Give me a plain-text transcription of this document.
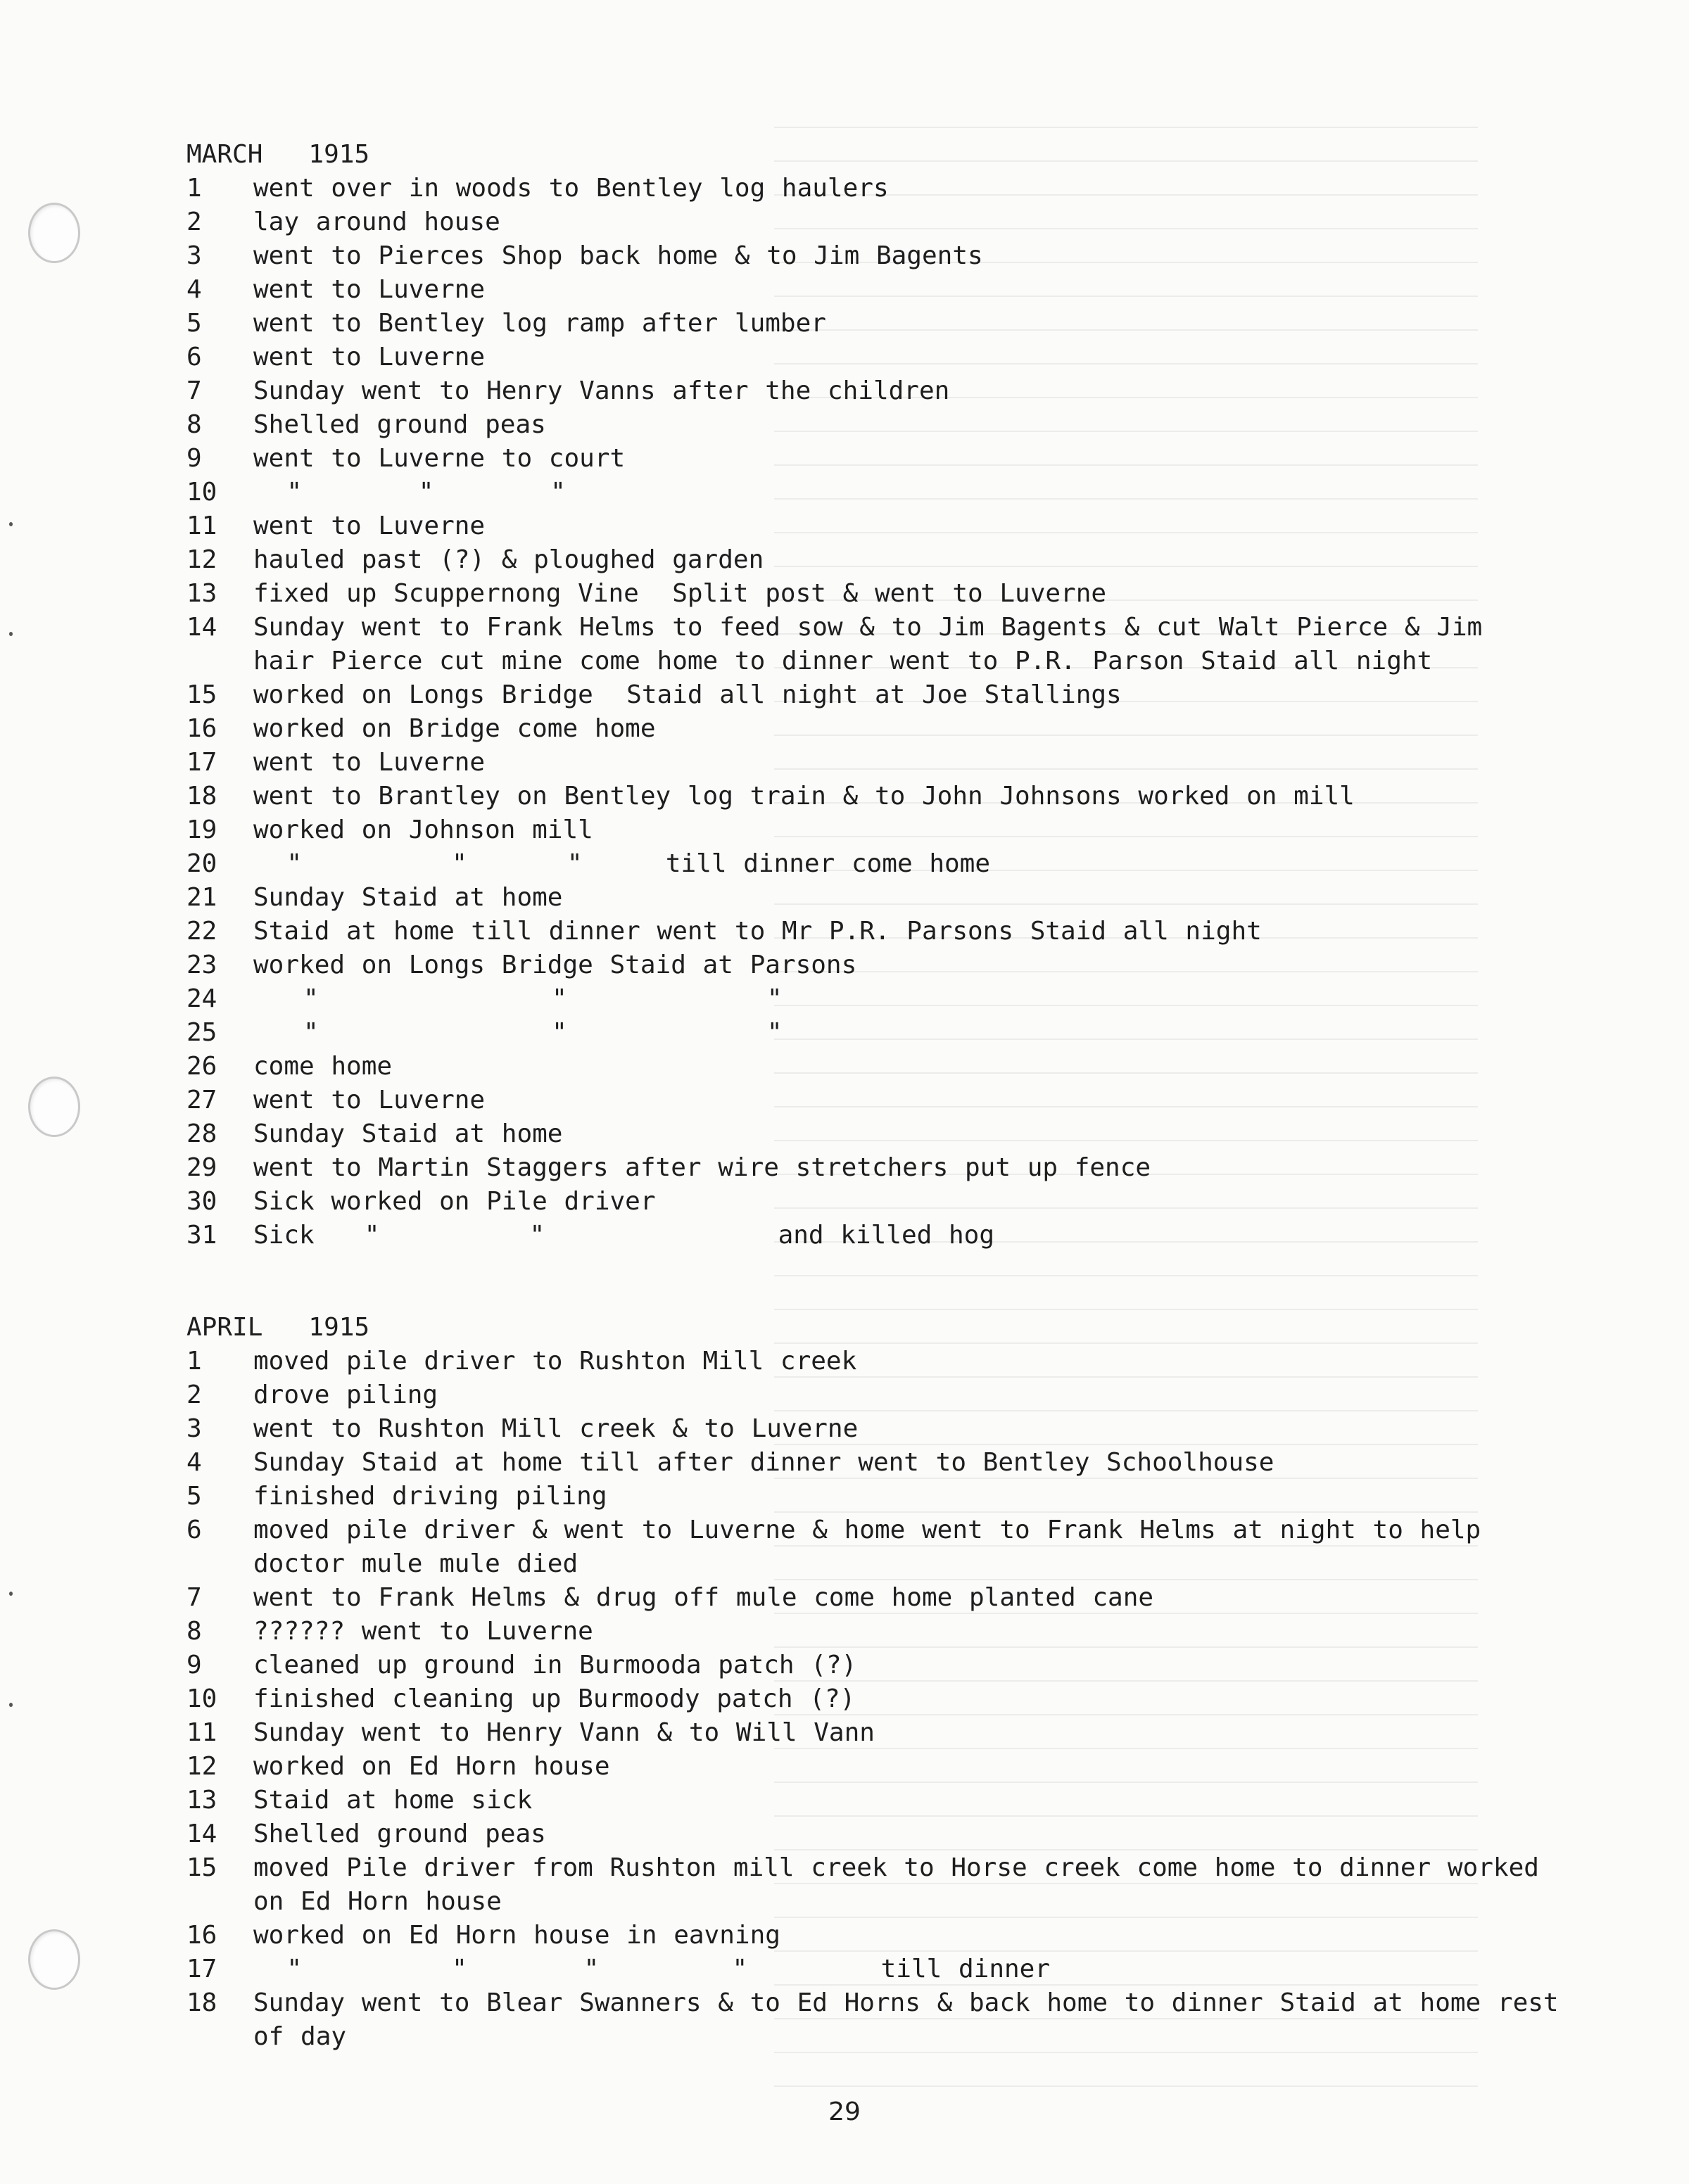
MARCH   1915
1	went over in woods to Bentley log haulers
2	lay around house
3	went to Pierces Shop back home & to Jim Bagents
4	went to Luverne
5	went to Bentley log ramp after lumber
6	went to Luverne
7	Sunday went to Henry Vanns after the children
8	Shelled ground peas
9	went to Luverne to court
10	"       "       "
11	went to Luverne
12	hauled past (?) & ploughed garden
13	fixed up Scuppernong Vine  Split post & went to Luverne
14	Sunday went to Frank Helms to feed sow & to Jim Bagents & cut Walt Pierce & Jim hair Pierce cut mine come home to dinner went to P.R. Parson Staid all night
15	worked on Longs Bridge  Staid all night at Joe Stallings
16	worked on Bridge come home
17	went to Luverne
18	went to Brantley on Bentley log train & to John Johnsons worked on mill
19	worked on Johnson mill
20	"         "      "     till dinner come home
21	Sunday Staid at home
22	Staid at home till dinner went to Mr P.R. Parsons Staid all night
23	worked on Longs Bridge Staid at Parsons
24	"              "            "
25	"              "            "
26	come home
27	went to Luverne
28	Sunday Staid at home
29	went to Martin Staggers after wire stretchers put up fence
30	Sick worked on Pile driver
31	Sick   "         "              and killed hog
APRIL   1915
1	moved pile driver to Rushton Mill creek
2	drove piling
3	went to Rushton Mill creek & to Luverne
4	Sunday Staid at home till after dinner went to Bentley Schoolhouse
5	finished driving piling
6	moved pile driver & went to Luverne & home went to Frank Helms at night to help doctor mule mule died
7	went to Frank Helms & drug off mule come home planted cane
8	?????? went to Luverne
9	cleaned up ground in Burmooda patch (?)
10	finished cleaning up Burmoody patch (?)
11	Sunday went to Henry Vann & to Will Vann
12	worked on Ed Horn house
13	Staid at home sick
14	Shelled ground peas
15	moved Pile driver from Rushton mill creek to Horse creek come home to dinner worked on Ed Horn house
16	worked on Ed Horn house in eavning
17	"         "       "        "        till dinner
18	Sunday went to Blear Swanners & to Ed Horns & back home to dinner Staid at home rest of day
29
